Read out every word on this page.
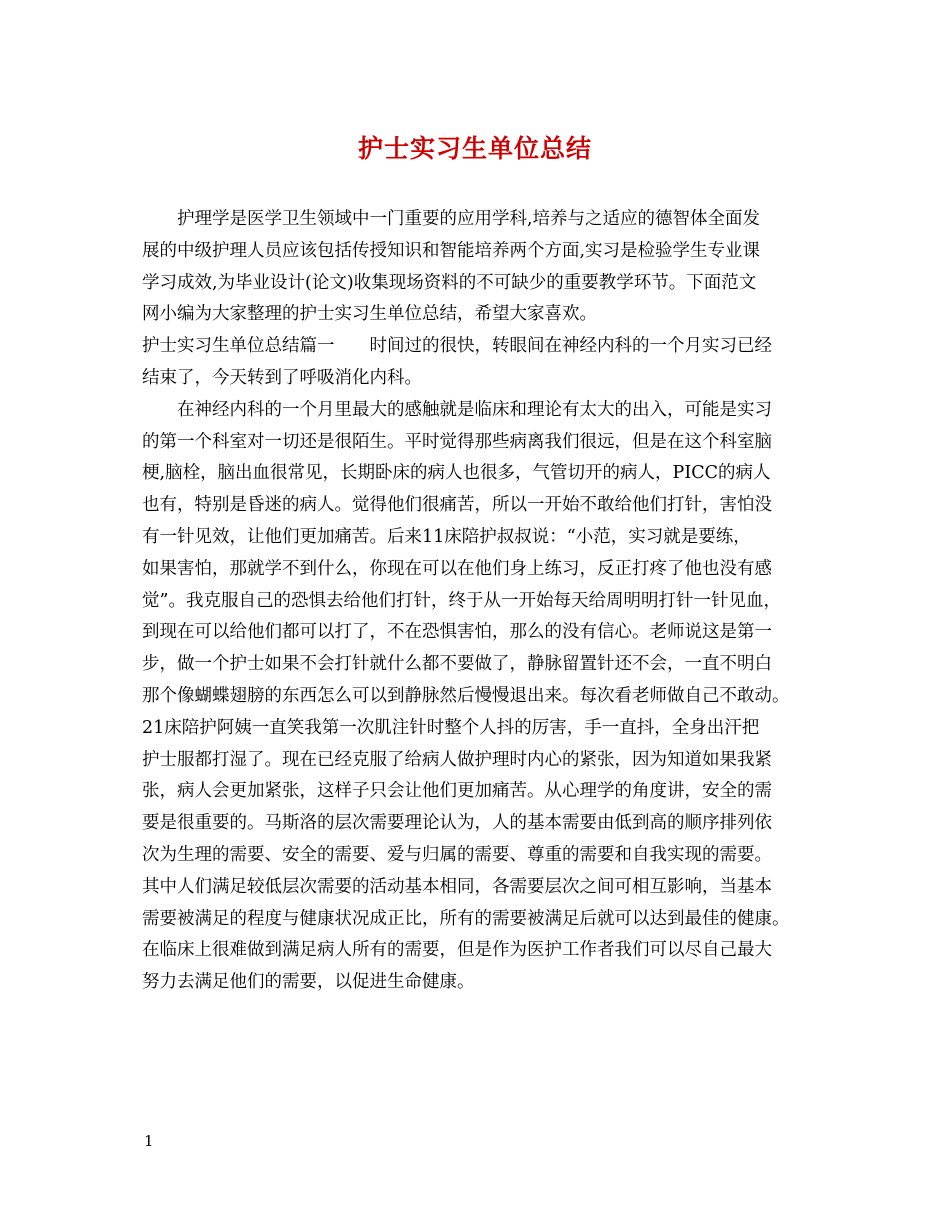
护士实习生单位总结
　　护理学是医学卫生领域中一门重要的应用学科,培养与之适应的德智体全面发
展的中级护理人员应该包括传授知识和智能培养两个方面,实习是检验学生专业课
学习成效,为毕业设计(论文)收集现场资料的不可缺少的重要教学环节。下面范文
网小编为大家整理的护士实习生单位总结，希望大家喜欢。
护士实习生单位总结篇一　　时间过的很快，转眼间在神经内科的一个月实习已经
结束了，今天转到了呼吸消化内科。
　　在神经内科的一个月里最大的感触就是临床和理论有太大的出入，可能是实习
的第一个科室对一切还是很陌生。平时觉得那些病离我们很远，但是在这个科室脑
梗,脑栓，脑出血很常见，长期卧床的病人也很多，气管切开的病人，PICC的病人
也有，特别是昏迷的病人。觉得他们很痛苦，所以一开始不敢给他们打针，害怕没
有一针见效，让他们更加痛苦。后来11床陪护叔叔说：“小范，实习就是要练，
如果害怕，那就学不到什么，你现在可以在他们身上练习，反正打疼了他也没有感
觉”。我克服自己的恐惧去给他们打针，终于从一开始每天给周明明打针一针见血，
到现在可以给他们都可以打了，不在恐惧害怕，那么的没有信心。老师说这是第一
步，做一个护士如果不会打针就什么都不要做了，静脉留置针还不会，一直不明白
那个像蝴蝶翅膀的东西怎么可以到静脉然后慢慢退出来。每次看老师做自己不敢动。
21床陪护阿姨一直笑我第一次肌注针时整个人抖的厉害，手一直抖，全身出汗把
护士服都打湿了。现在已经克服了给病人做护理时内心的紧张，因为知道如果我紧
张，病人会更加紧张，这样子只会让他们更加痛苦。从心理学的角度讲，安全的需
要是很重要的。马斯洛的层次需要理论认为，人的基本需要由低到高的顺序排列依
次为生理的需要、安全的需要、爱与归属的需要、尊重的需要和自我实现的需要。
其中人们满足较低层次需要的活动基本相同，各需要层次之间可相互影响，当基本
需要被满足的程度与健康状况成正比，所有的需要被满足后就可以达到最佳的健康。
在临床上很难做到满足病人所有的需要，但是作为医护工作者我们可以尽自己最大
努力去满足他们的需要，以促进生命健康。
1
